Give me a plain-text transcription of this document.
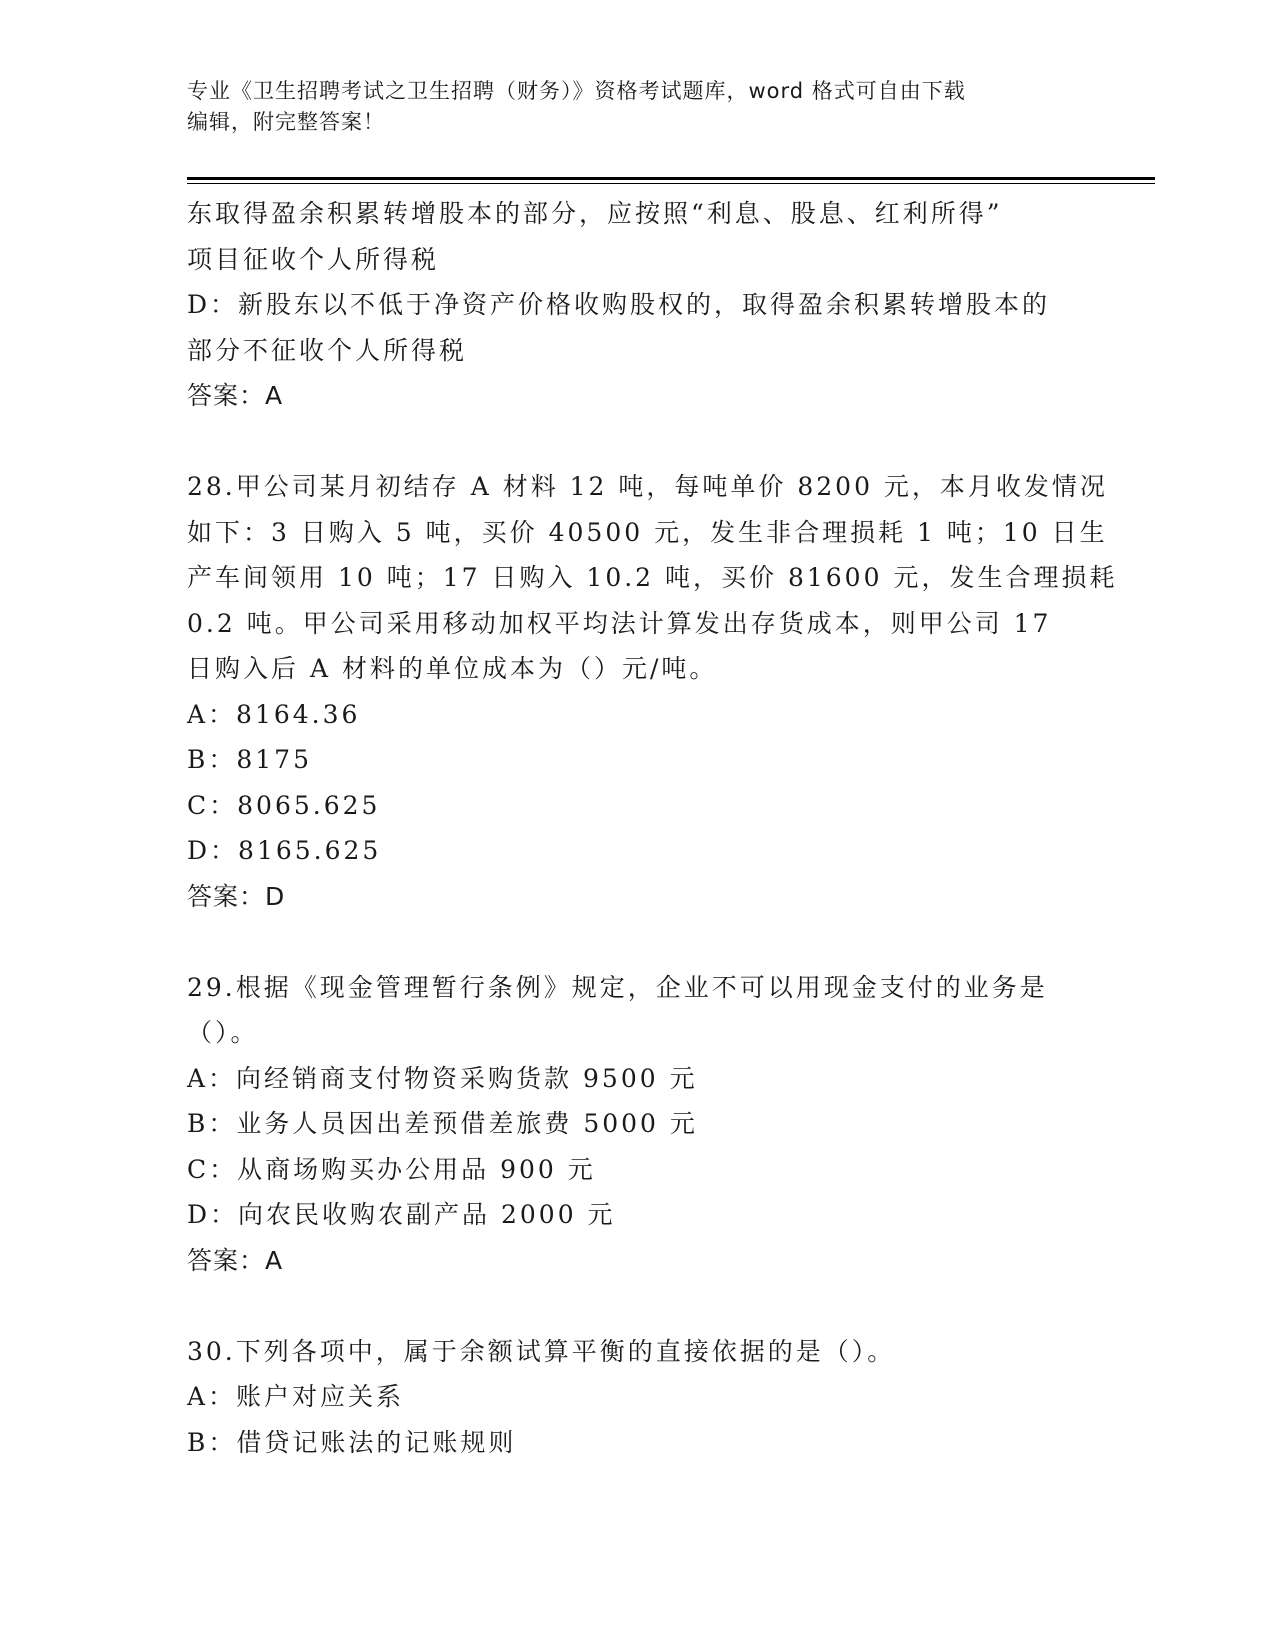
专业《卫生招聘考试之卫生招聘（财务）》资格考试题库，word 格式可自由下载
编辑，附完整答案！
东取得盈余积累转增股本的部分，应按照“利息、股息、红利所得”
项目征收个人所得税
D：新股东以不低于净资产价格收购股权的，取得盈余积累转增股本的
部分不征收个人所得税
答案：A
28.甲公司某月初结存 A 材料 12 吨，每吨单价 8200 元，本月收发情况
如下：3 日购入 5 吨，买价 40500 元，发生非合理损耗 1 吨；10 日生
产车间领用 10 吨；17 日购入 10.2 吨，买价 81600 元，发生合理损耗
0.2 吨。甲公司采用移动加权平均法计算发出存货成本，则甲公司 17
日购入后 A 材料的单位成本为（）元/吨。
A：8164.36
B：8175
C：8065.625
D：8165.625
答案：D
29.根据《现金管理暂行条例》规定，企业不可以用现金支付的业务是
（）。
A：向经销商支付物资采购货款 9500 元
B：业务人员因出差预借差旅费 5000 元
C：从商场购买办公用品 900 元
D：向农民收购农副产品 2000 元
答案：A
30.下列各项中，属于余额试算平衡的直接依据的是（）。
A：账户对应关系
B：借贷记账法的记账规则
